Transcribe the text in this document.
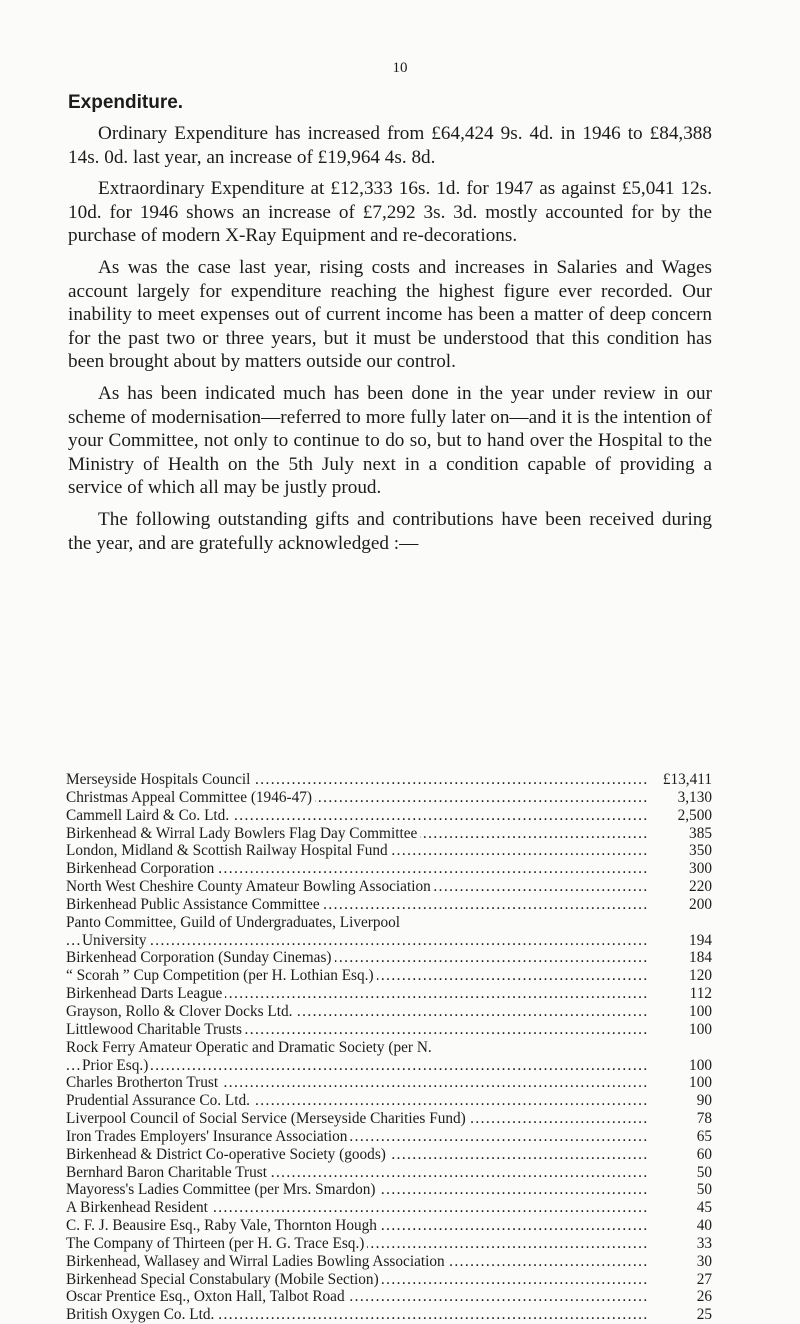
10
Expenditure.

Ordinary Expenditure has increased from £64,424 9s. 4d. in 1946 to £84,388 14s. 0d. last year, an increase of £19,964 4s. 8d.

Extraordinary Expenditure at £12,333 16s. 1d. for 1947 as against £5,041 12s. 10d. for 1946 shows an increase of £7,292 3s. 3d. mostly accounted for by the purchase of modern X-Ray Equipment and re-decorations.

As was the case last year, rising costs and increases in Salaries and Wages account largely for expenditure reaching the highest figure ever recorded. Our inability to meet expenses out of current income has been a matter of deep concern for the past two or three years, but it must be understood that this condition has been brought about by matters outside our control.

As has been indicated much has been done in the year under review in our scheme of modernisation—referred to more fully later on—and it is the intention of your Committee, not only to continue to do so, but to hand over the Hospital to the Ministry of Health on the 5th July next in a condition capable of providing a service of which all may be justly proud.

The following outstanding gifts and contributions have been received during the year, and are gratefully acknowledged :—

Merseyside Hospitals Council . . .	£13,411
Christmas Appeal Committee (1946-47) . . .	3,130
Cammell Laird & Co. Ltd. . . .	2,500
Birkenhead & Wirral Lady Bowlers Flag Day Committee . . .	385
London, Midland & Scottish Railway Hospital Fund . . .	350
Birkenhead Corporation . . .	300
North West Cheshire County Amateur Bowling Association . . .	220
Birkenhead Public Assistance Committee . . .	200
Panto Committee, Guild of Undergraduates, Liverpool
University
. . .	194
Birkenhead Corporation (Sunday Cinemas) . . .	184
“ Scorah ” Cup Competition (per H. Lothian Esq.) . . .	120
Birkenhead Darts League . . .	112
Grayson, Rollo & Clover Docks Ltd. . . .	100
Littlewood Charitable Trusts . . .	100
Rock Ferry Amateur Operatic and Dramatic Society (per N.
Prior Esq.)
. . .	100
Charles Brotherton Trust . . .	100
Prudential Assurance Co. Ltd. . . .	90
Liverpool Council of Social Service (Merseyside Charities Fund) . . .	78
Iron Trades Employers' Insurance Association . . .	65
Birkenhead & District Co-operative Society (goods) . . .	60
Bernhard Baron Charitable Trust . . .	50
Mayoress's Ladies Committee (per Mrs. Smardon) . . .	50
A Birkenhead Resident . . .	45
C. F. J. Beausire Esq., Raby Vale, Thornton Hough . . .	40
The Company of Thirteen (per H. G. Trace Esq.) . . .	33
Birkenhead, Wallasey and Wirral Ladies Bowling Association . . .	30
Birkenhead Special Constabulary (Mobile Section) . . .	27
Oscar Prentice Esq., Oxton Hall, Talbot Road . . .	26
British Oxygen Co. Ltd. . . .	25
